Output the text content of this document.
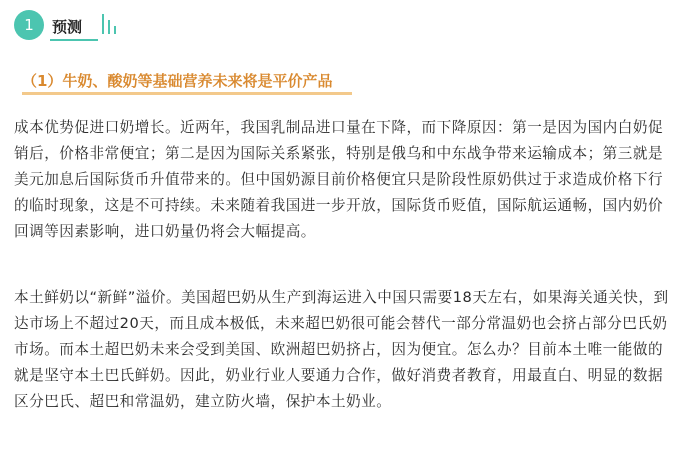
1	预测
（1）牛奶、酸奶等基础营养未来将是平价产品

成本优势促进口奶增长。近两年，我国乳制品进口量在下降，而下降原因：第一是因为国内白奶促销后，价格非常便宜；第二是因为国际关系紧张，特别是俄乌和中东战争带来运输成本；第三就是美元加息后国际货币升值带来的。但中国奶源目前价格便宜只是阶段性原奶供过于求造成价格下行的临时现象，这是不可持续。未来随着我国进一步开放，国际货币贬值，国际航运通畅，国内奶价回调等因素影响，进口奶量仍将会大幅提高。

本土鲜奶以“新鲜”溢价。美国超巴奶从生产到海运进入中国只需要18天左右，如果海关通关快，到达市场上不超过20天，而且成本极低，未来超巴奶很可能会替代一部分常温奶也会挤占部分巴氏奶市场。而本土超巴奶未来会受到美国、欧洲超巴奶挤占，因为便宜。怎么办？目前本土唯一能做的就是坚守本土巴氏鲜奶。因此，奶业行业人要通力合作，做好消费者教育，用最直白、明显的数据区分巴氏、超巴和常温奶，建立防火墙，保护本土奶业。
